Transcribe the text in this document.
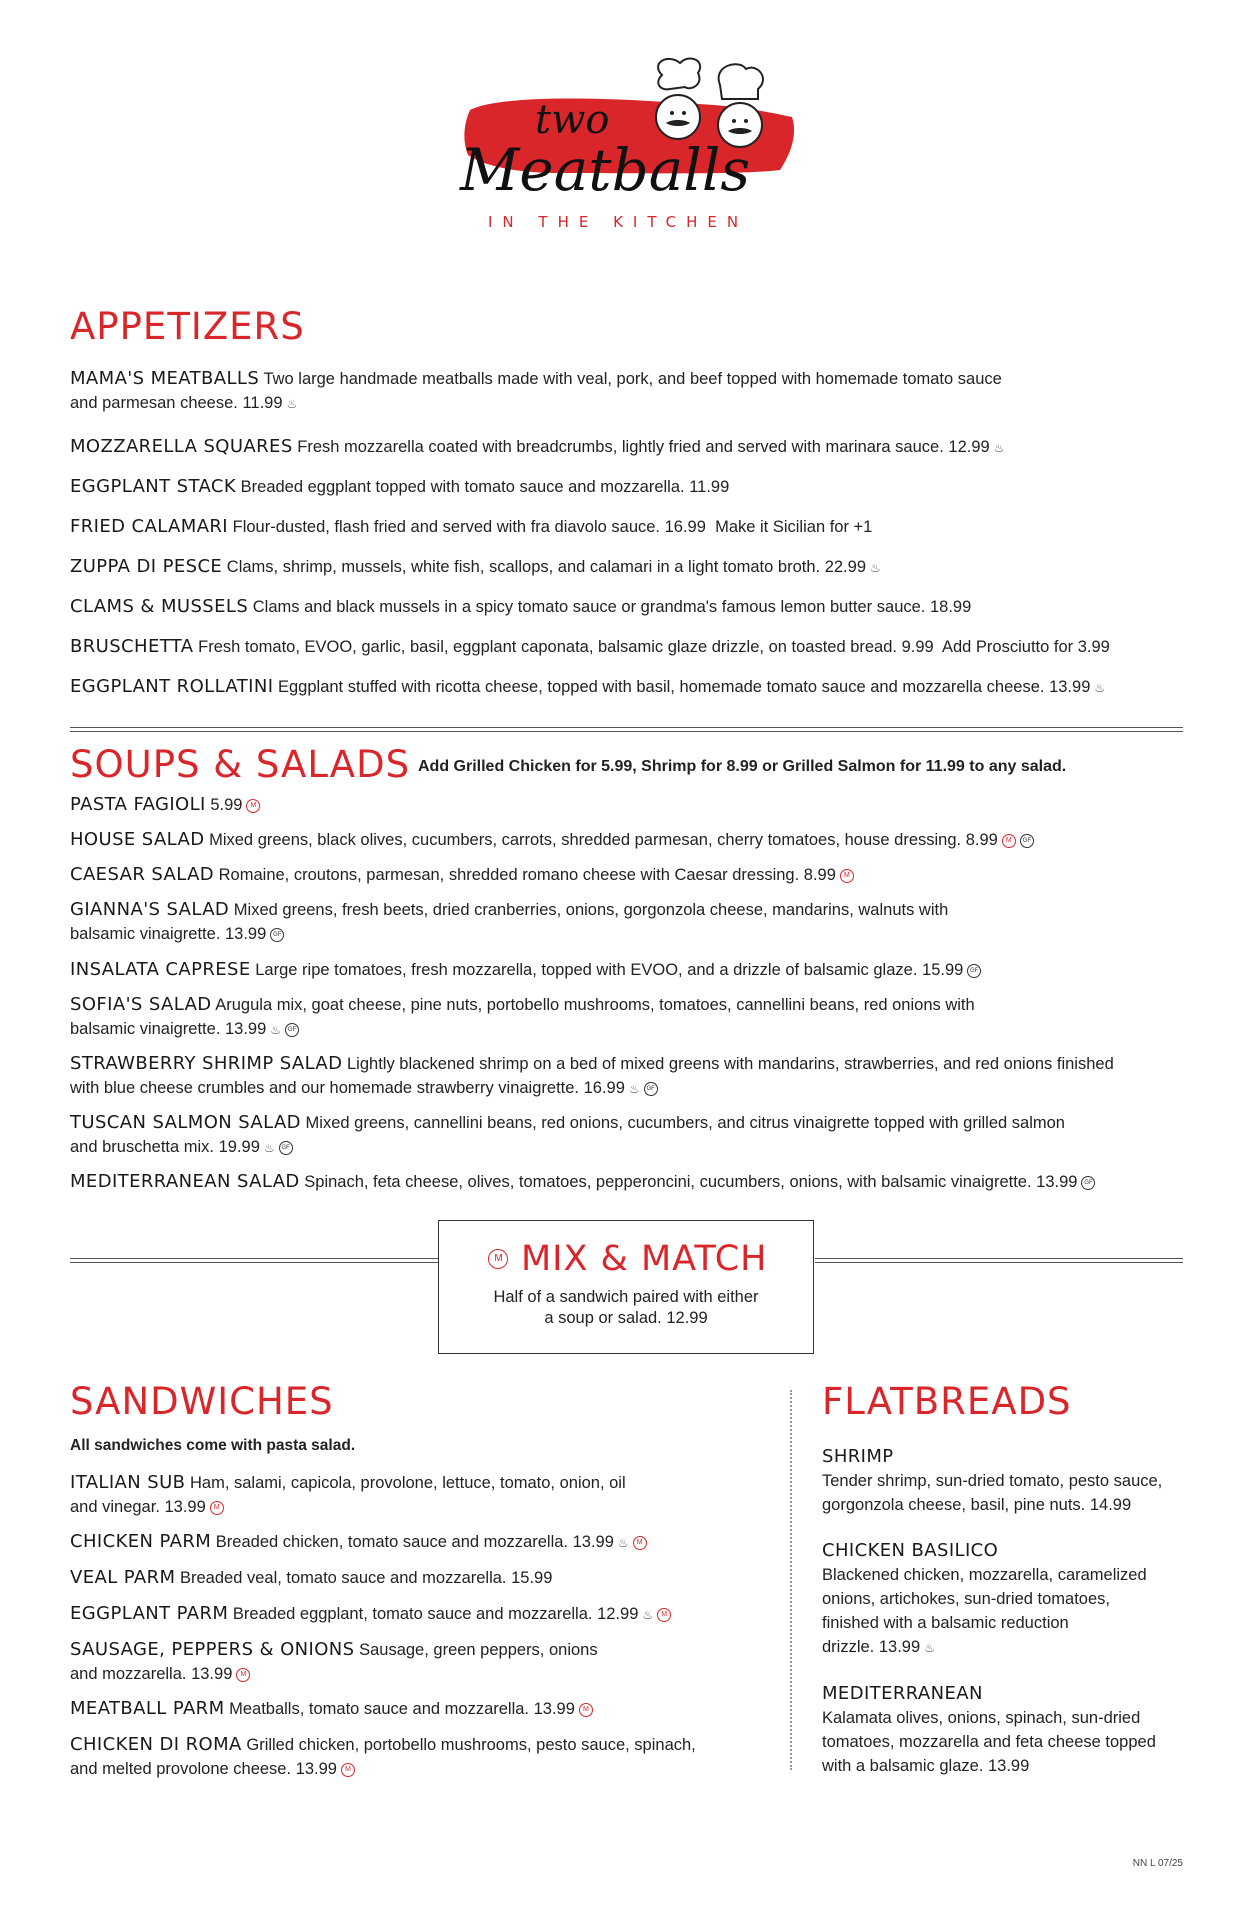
two
Meatballs
IN THE KITCHEN
APPETIZERS
MAMA'S MEATBALLS Two large handmade meatballs made with veal, pork, and beef topped with homemade tomato sauce
and parmesan cheese. 11.99 ♨
MOZZARELLA SQUARES Fresh mozzarella coated with breadcrumbs, lightly fried and served with marinara sauce. 12.99 ♨
EGGPLANT STACK Breaded eggplant topped with tomato sauce and mozzarella. 11.99
FRIED CALAMARI Flour-dusted, flash fried and served with fra diavolo sauce. 16.99 Make it Sicilian for +1
ZUPPA DI PESCE Clams, shrimp, mussels, white fish, scallops, and calamari in a light tomato broth. 22.99 ♨
CLAMS & MUSSELS Clams and black mussels in a spicy tomato sauce or grandma's famous lemon butter sauce. 18.99
BRUSCHETTA Fresh tomato, EVOO, garlic, basil, eggplant caponata, balsamic glaze drizzle, on toasted bread. 9.99 Add Prosciutto for 3.99
EGGPLANT ROLLATINI Eggplant stuffed with ricotta cheese, topped with basil, homemade tomato sauce and mozzarella cheese. 13.99 ♨
SOUPS & SALADS Add Grilled Chicken for 5.99, Shrimp for 8.99 or Grilled Salmon for 11.99 to any salad.
PASTA FAGIOLI 5.99 M
HOUSE SALAD Mixed greens, black olives, cucumbers, carrots, shredded parmesan, cherry tomatoes, house dressing. 8.99 M GF
CAESAR SALAD Romaine, croutons, parmesan, shredded romano cheese with Caesar dressing. 8.99 M
GIANNA'S SALAD Mixed greens, fresh beets, dried cranberries, onions, gorgonzola cheese, mandarins, walnuts with
balsamic vinaigrette. 13.99 GF
INSALATA CAPRESE Large ripe tomatoes, fresh mozzarella, topped with EVOO, and a drizzle of balsamic glaze. 15.99 GF
SOFIA'S SALAD Arugula mix, goat cheese, pine nuts, portobello mushrooms, tomatoes, cannellini beans, red onions with
balsamic vinaigrette. 13.99 ♨ GF
STRAWBERRY SHRIMP SALAD Lightly blackened shrimp on a bed of mixed greens with mandarins, strawberries, and red onions finished
with blue cheese crumbles and our homemade strawberry vinaigrette. 16.99 ♨ GF
TUSCAN SALMON SALAD Mixed greens, cannellini beans, red onions, cucumbers, and citrus vinaigrette topped with grilled salmon
and bruschetta mix. 19.99 ♨ GF
MEDITERRANEAN SALAD Spinach, feta cheese, olives, tomatoes, pepperoncini, cucumbers, onions, with balsamic vinaigrette. 13.99 GF
M MIX & MATCH
Half of a sandwich paired with either
a soup or salad. 12.99
SANDWICHES
All sandwiches come with pasta salad.
ITALIAN SUB Ham, salami, capicola, provolone, lettuce, tomato, onion, oil
and vinegar. 13.99 M
CHICKEN PARM Breaded chicken, tomato sauce and mozzarella. 13.99 ♨ M
VEAL PARM Breaded veal, tomato sauce and mozzarella. 15.99
EGGPLANT PARM Breaded eggplant, tomato sauce and mozzarella. 12.99 ♨ M
SAUSAGE, PEPPERS & ONIONS Sausage, green peppers, onions
and mozzarella. 13.99 M
MEATBALL PARM Meatballs, tomato sauce and mozzarella. 13.99 M
CHICKEN DI ROMA Grilled chicken, portobello mushrooms, pesto sauce, spinach,
and melted provolone cheese. 13.99 M
FLATBREADS
SHRIMP
Tender shrimp, sun-dried tomato, pesto sauce,
gorgonzola cheese, basil, pine nuts. 14.99
CHICKEN BASILICO
Blackened chicken, mozzarella, caramelized
onions, artichokes, sun-dried tomatoes,
finished with a balsamic reduction
drizzle. 13.99 ♨
MEDITERRANEAN
Kalamata olives, onions, spinach, sun-dried
tomatoes, mozzarella and feta cheese topped
with a balsamic glaze. 13.99
NN L 07/25
